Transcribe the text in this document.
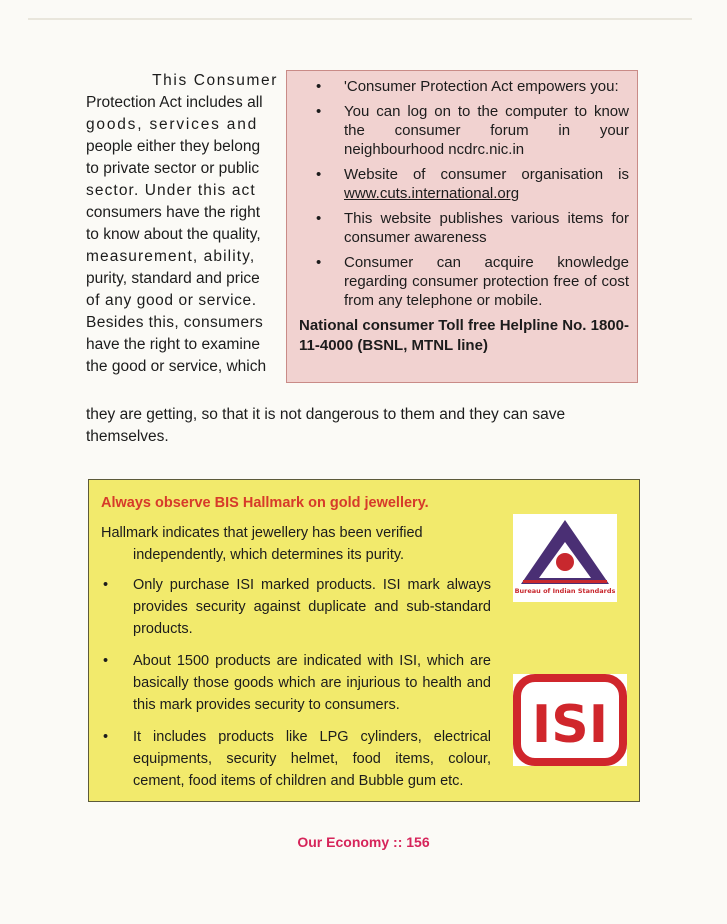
This Consumer
Protection Act includes all
goods, services and
people either they belong
to private sector or public
sector. Under this act
consumers have the right
to know about the quality,
measurement, ability,
purity, standard and price
of any good or service.
Besides this, consumers
have the right to examine
the good or service, which
• 'Consumer Protection Act empowers you:
• You can log on to the computer to know the consumer forum in your neighbourhood ncdrc.nic.in
• Website of consumer organisation is www.cuts.international.org
• This website publishes various items for consumer awareness
• Consumer can acquire knowledge regarding consumer protection free of cost from any telephone or mobile.
National consumer Toll free Helpline No. 1800-11-4000 (BSNL, MTNL line)
they are getting, so that it is not dangerous to them and they can save
themselves.
Always observe BIS Hallmark on gold jewellery.
Hallmark indicates that jewellery has been verified
independently, which determines its purity.
• Only purchase ISI marked products. ISI mark always provides security against duplicate and sub-standard products.
• About 1500 products are indicated with ISI, which are basically those goods which are injurious to health and this mark provides security to consumers.
• It includes products like LPG cylinders, electrical equipments, security helmet, food items, colour, cement, food items of children and Bubble gum etc.
Bureau of Indian Standards
ISI
Our Economy :: 156
